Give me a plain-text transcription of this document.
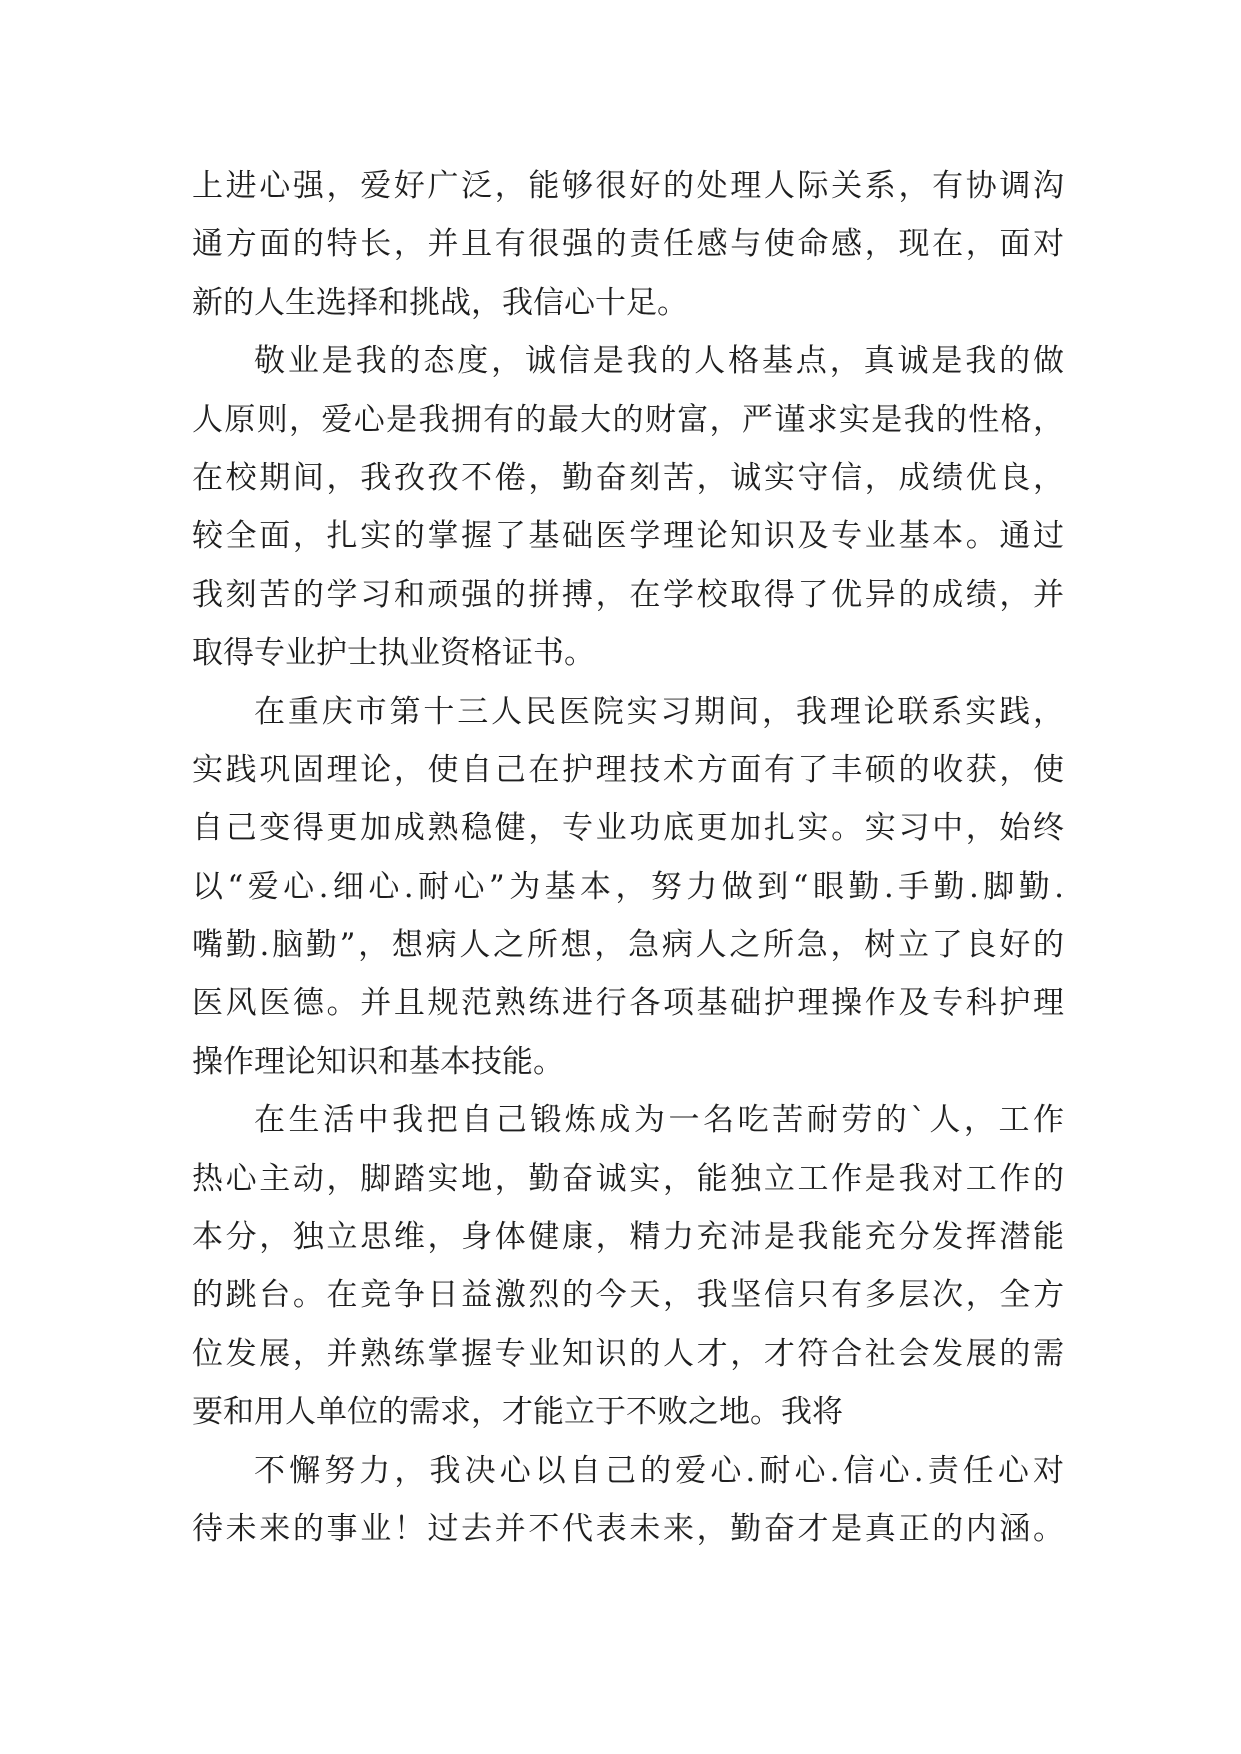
上进心强，爱好广泛，能够很好的处理人际关系，有协调沟
通方面的特长，并且有很强的责任感与使命感，现在，面对
新的人生选择和挑战，我信心十足。
敬业是我的态度，诚信是我的人格基点，真诚是我的做
人原则，爱心是我拥有的最大的财富，严谨求实是我的性格，
在校期间，我孜孜不倦，勤奋刻苦，诚实守信，成绩优良，
较全面，扎实的掌握了基础医学理论知识及专业基本。通过
我刻苦的学习和顽强的拼搏，在学校取得了优异的成绩，并
取得专业护士执业资格证书。
在重庆市第十三人民医院实习期间，我理论联系实践，
实践巩固理论，使自己在护理技术方面有了丰硕的收获，使
自己变得更加成熟稳健，专业功底更加扎实。实习中，始终
以“爱心.细心.耐心”为基本，努力做到“眼勤.手勤.脚勤.
嘴勤.脑勤”，想病人之所想，急病人之所急，树立了良好的
医风医德。并且规范熟练进行各项基础护理操作及专科护理
操作理论知识和基本技能。
在生活中我把自己锻炼成为一名吃苦耐劳的`人，工作
热心主动，脚踏实地，勤奋诚实，能独立工作是我对工作的
本分，独立思维，身体健康，精力充沛是我能充分发挥潜能
的跳台。在竞争日益激烈的今天，我坚信只有多层次，全方
位发展，并熟练掌握专业知识的人才，才符合社会发展的需
要和用人单位的需求，才能立于不败之地。我将
不懈努力，我决心以自己的爱心.耐心.信心.责任心对
待未来的事业！过去并不代表未来，勤奋才是真正的内涵。
